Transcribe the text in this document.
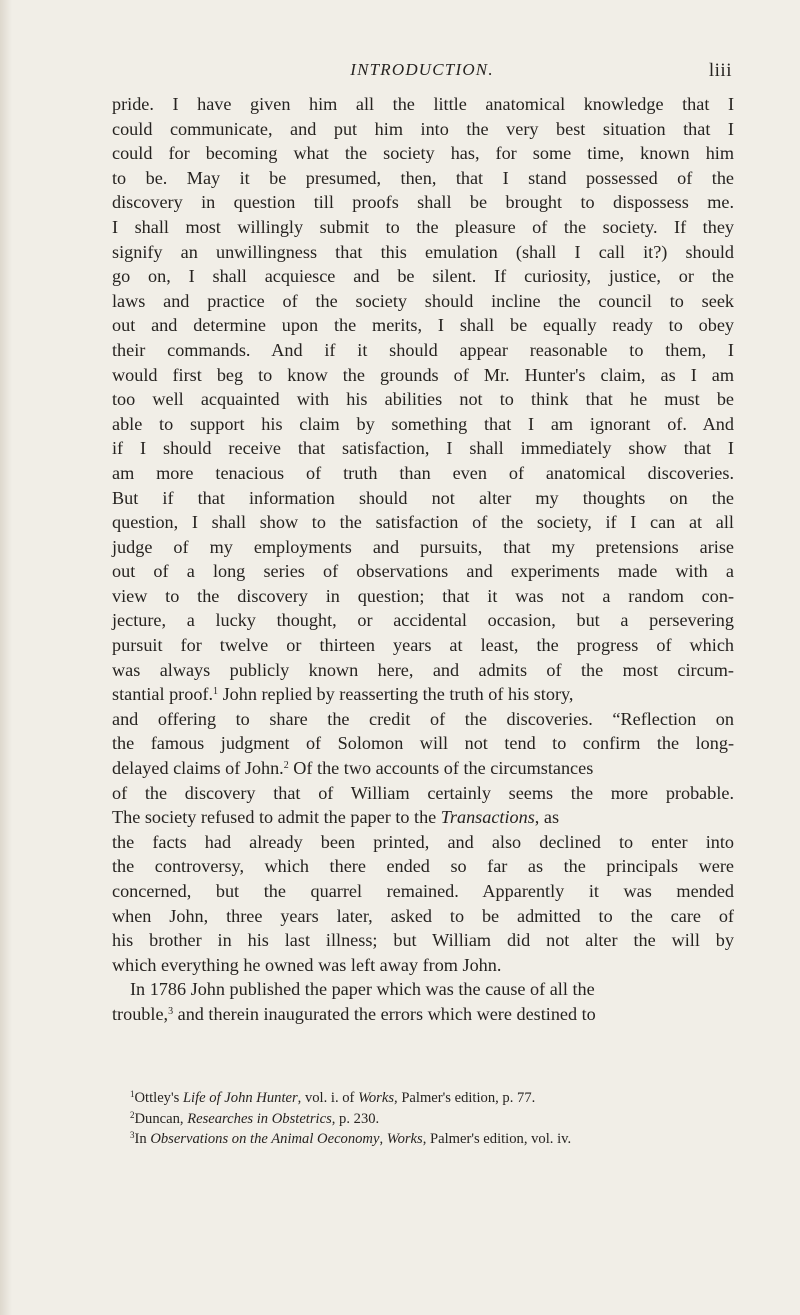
INTRODUCTION.	liii
pride. I have given him all the little anatomical knowledge that I
could communicate, and put him into the very best situation that I
could for becoming what the society has, for some time, known him
to be. May it be presumed, then, that I stand possessed of the
discovery in question till proofs shall be brought to dispossess me.
I shall most willingly submit to the pleasure of the society. If they
signify an unwillingness that this emulation (shall I call it?) should
go on, I shall acquiesce and be silent. If curiosity, justice, or the
laws and practice of the society should incline the council to seek
out and determine upon the merits, I shall be equally ready to obey
their commands. And if it should appear reasonable to them, I
would first beg to know the grounds of Mr. Hunter's claim, as I am
too well acquainted with his abilities not to think that he must be
able to support his claim by something that I am ignorant of. And
if I should receive that satisfaction, I shall immediately show that I
am more tenacious of truth than even of anatomical discoveries.
But if that information should not alter my thoughts on the
question, I shall show to the satisfaction of the society, if I can at all
judge of my employments and pursuits, that my pretensions arise
out of a long series of observations and experiments made with a
view to the discovery in question; that it was not a random con-
jecture, a lucky thought, or accidental occasion, but a persevering
pursuit for twelve or thirteen years at least, the progress of which
was always publicly known here, and admits of the most circum-
stantial proof.$^1$ John replied by reasserting the truth of his story,
and offering to share the credit of the discoveries. “Reflection on
the famous judgment of Solomon will not tend to confirm the long-
delayed claims of John.$^2$ Of the two accounts of the circumstances
of the discovery that of William certainly seems the more probable.
The society refused to admit the paper to the Transactions, as
the facts had already been printed, and also declined to enter into
the controversy, which there ended so far as the principals were
concerned, but the quarrel remained. Apparently it was mended
when John, three years later, asked to be admitted to the care of
his brother in his last illness; but William did not alter the will by
which everything he owned was left away from John.
In 1786 John published the paper which was the cause of all the
trouble,$^3$ and therein inaugurated the errors which were destined to
$^1$Ottley's Life of John Hunter, vol. i. of Works, Palmer's edition, p. 77.
$^2$Duncan, Researches in Obstetrics, p. 230.
$^3$In Observations on the Animal Oeconomy, Works, Palmer's edition, vol. iv.
